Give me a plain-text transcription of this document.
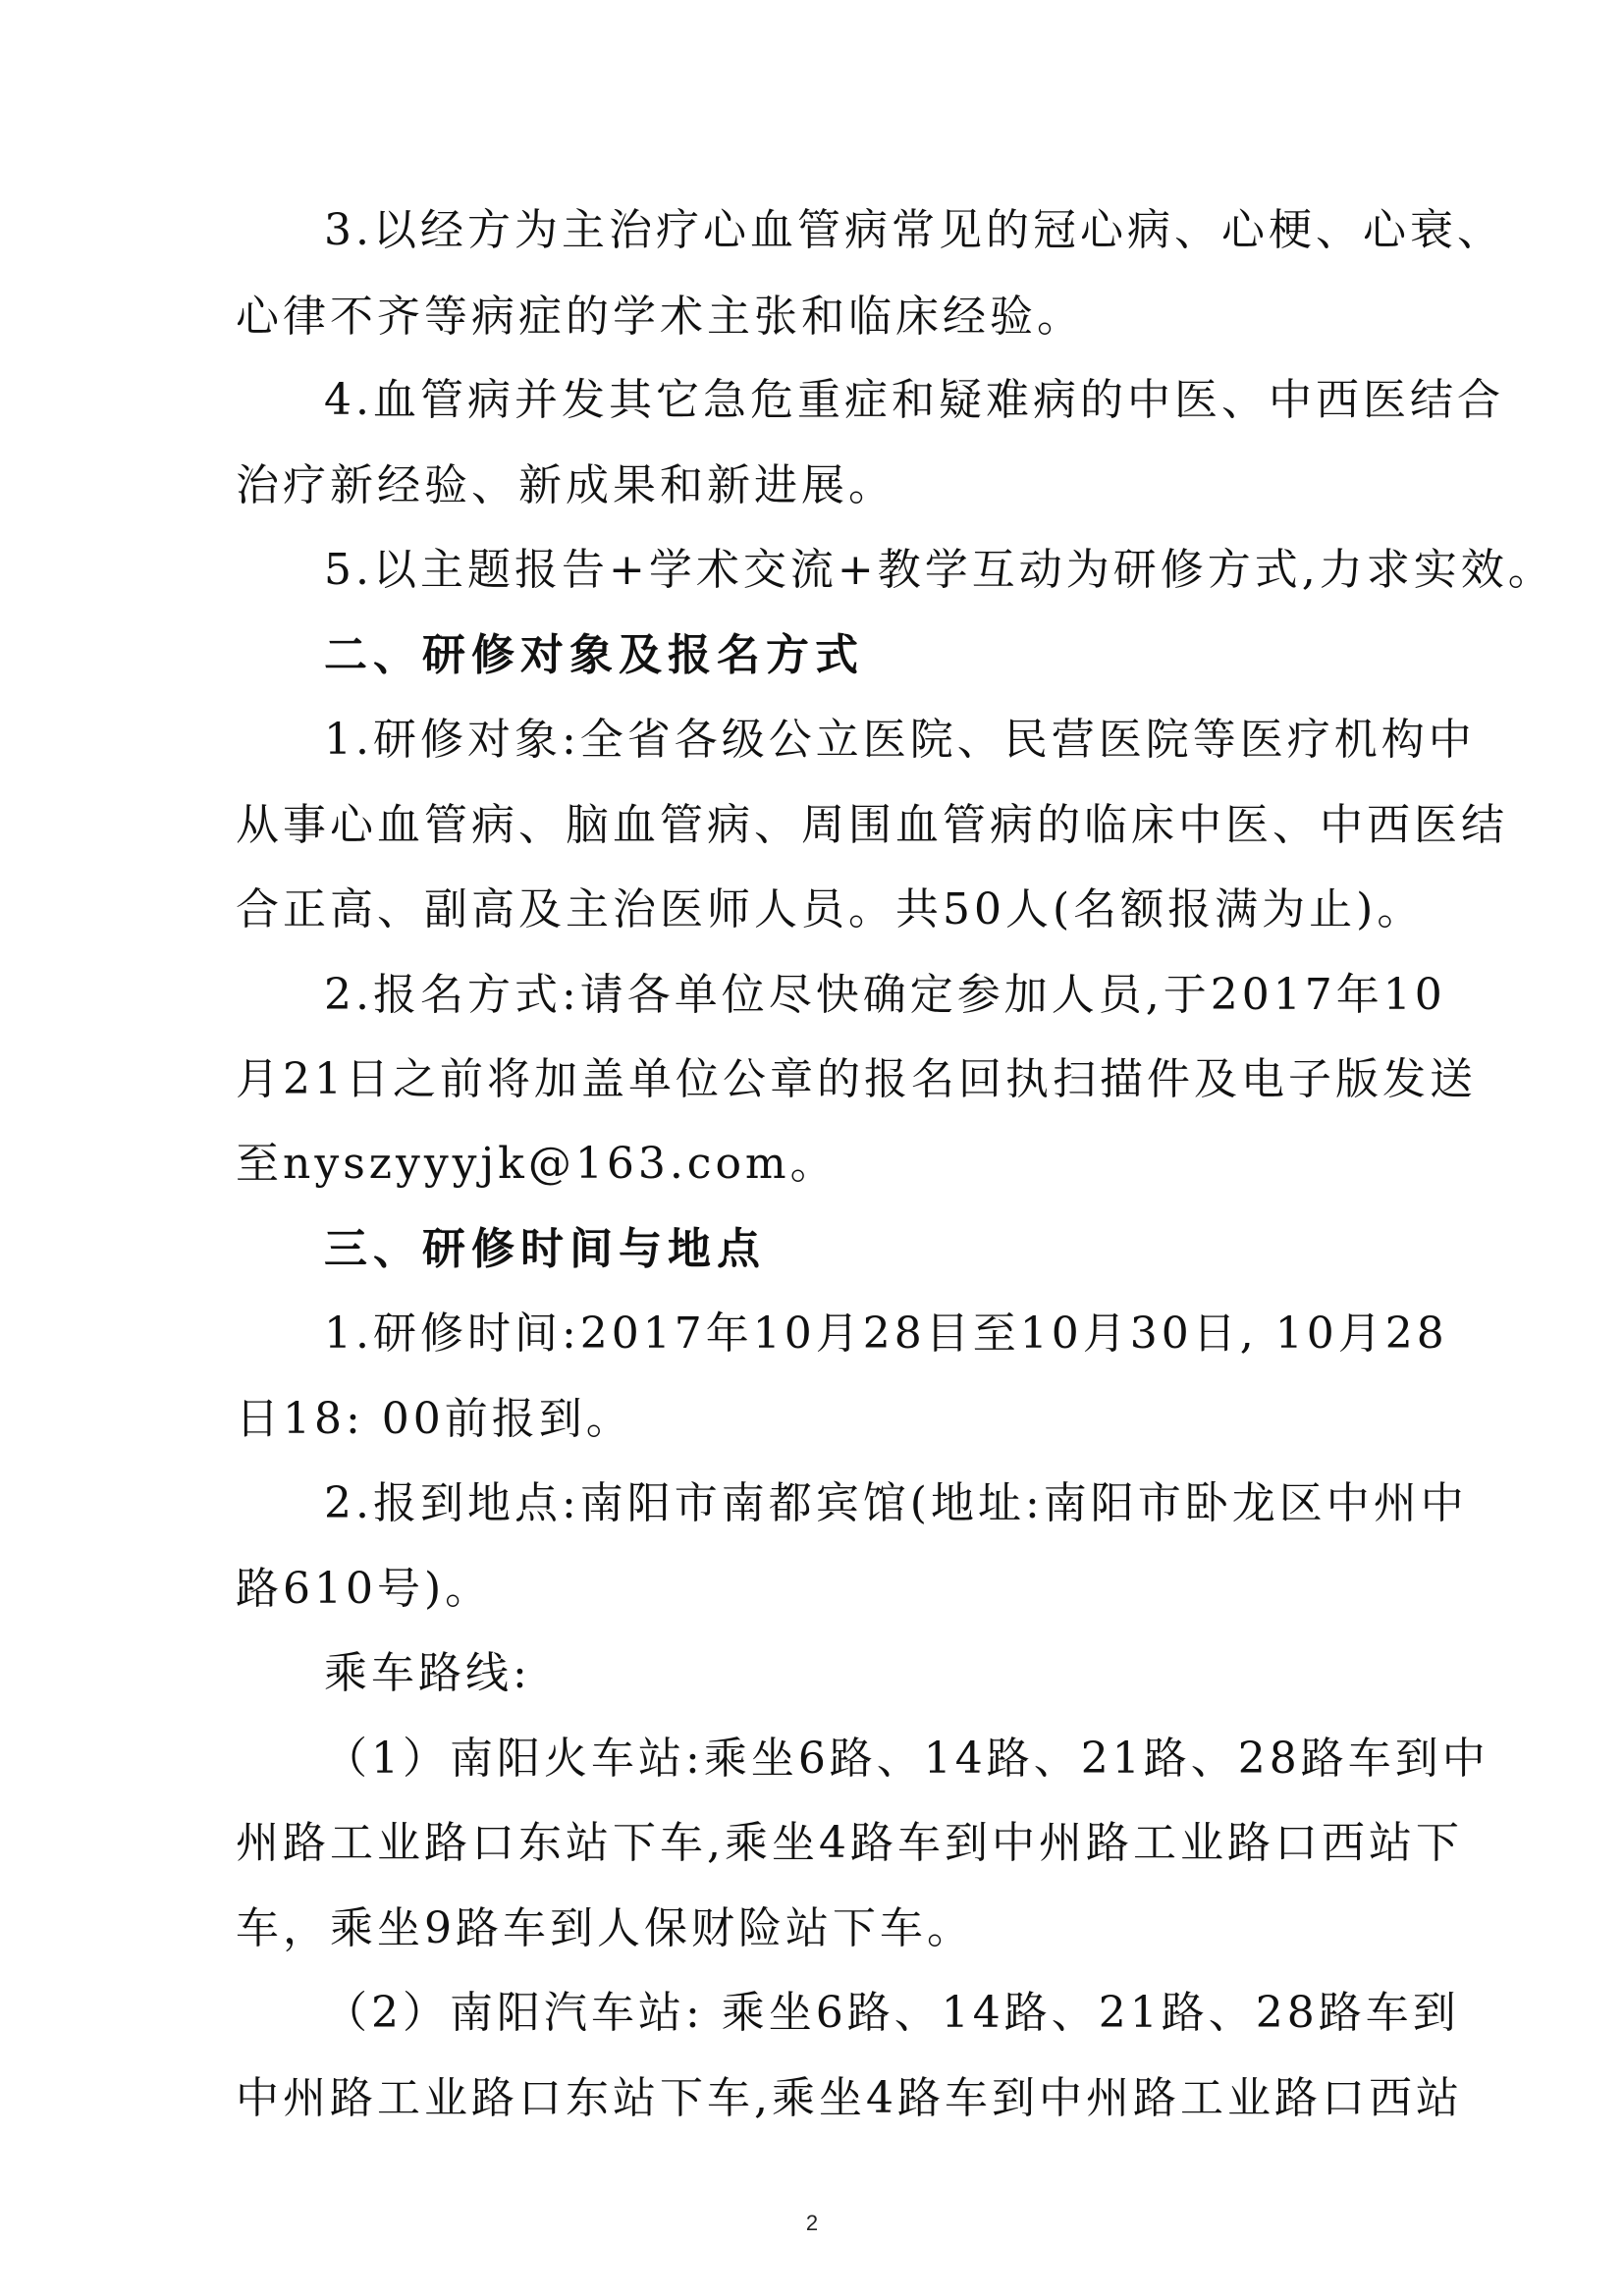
3.以经方为主治疗心血管病常见的冠心病、心梗、心衰、
心律不齐等病症的学术主张和临床经验。
4.血管病并发其它急危重症和疑难病的中医、中西医结合
治疗新经验、新成果和新进展。
5.以主题报告+学术交流+教学互动为研修方式,力求实效。
二、研修对象及报名方式
1.研修对象:全省各级公立医院、民营医院等医疗机构中
从事心血管病、脑血管病、周围血管病的临床中医、中西医结
合正高、副高及主治医师人员。共50人(名额报满为止)。
2.报名方式:请各单位尽快确定参加人员,于2017年10
月21日之前将加盖单位公章的报名回执扫描件及电子版发送
至nyszyyyjk@163.com。
三、研修时间与地点
1.研修时间:2017年10月28目至10月30日, 10月28
日18: 00前报到。
2.报到地点:南阳市南都宾馆(地址:南阳市卧龙区中州中
路610号)。
乘车路线:
（1）南阳火车站:乘坐6路、14路、21路、28路车到中
州路工业路口东站下车,乘坐4路车到中州路工业路口西站下
车，乘坐9路车到人保财险站下车。
（2）南阳汽车站: 乘坐6路、14路、21路、28路车到
中州路工业路口东站下车,乘坐4路车到中州路工业路口西站
2
